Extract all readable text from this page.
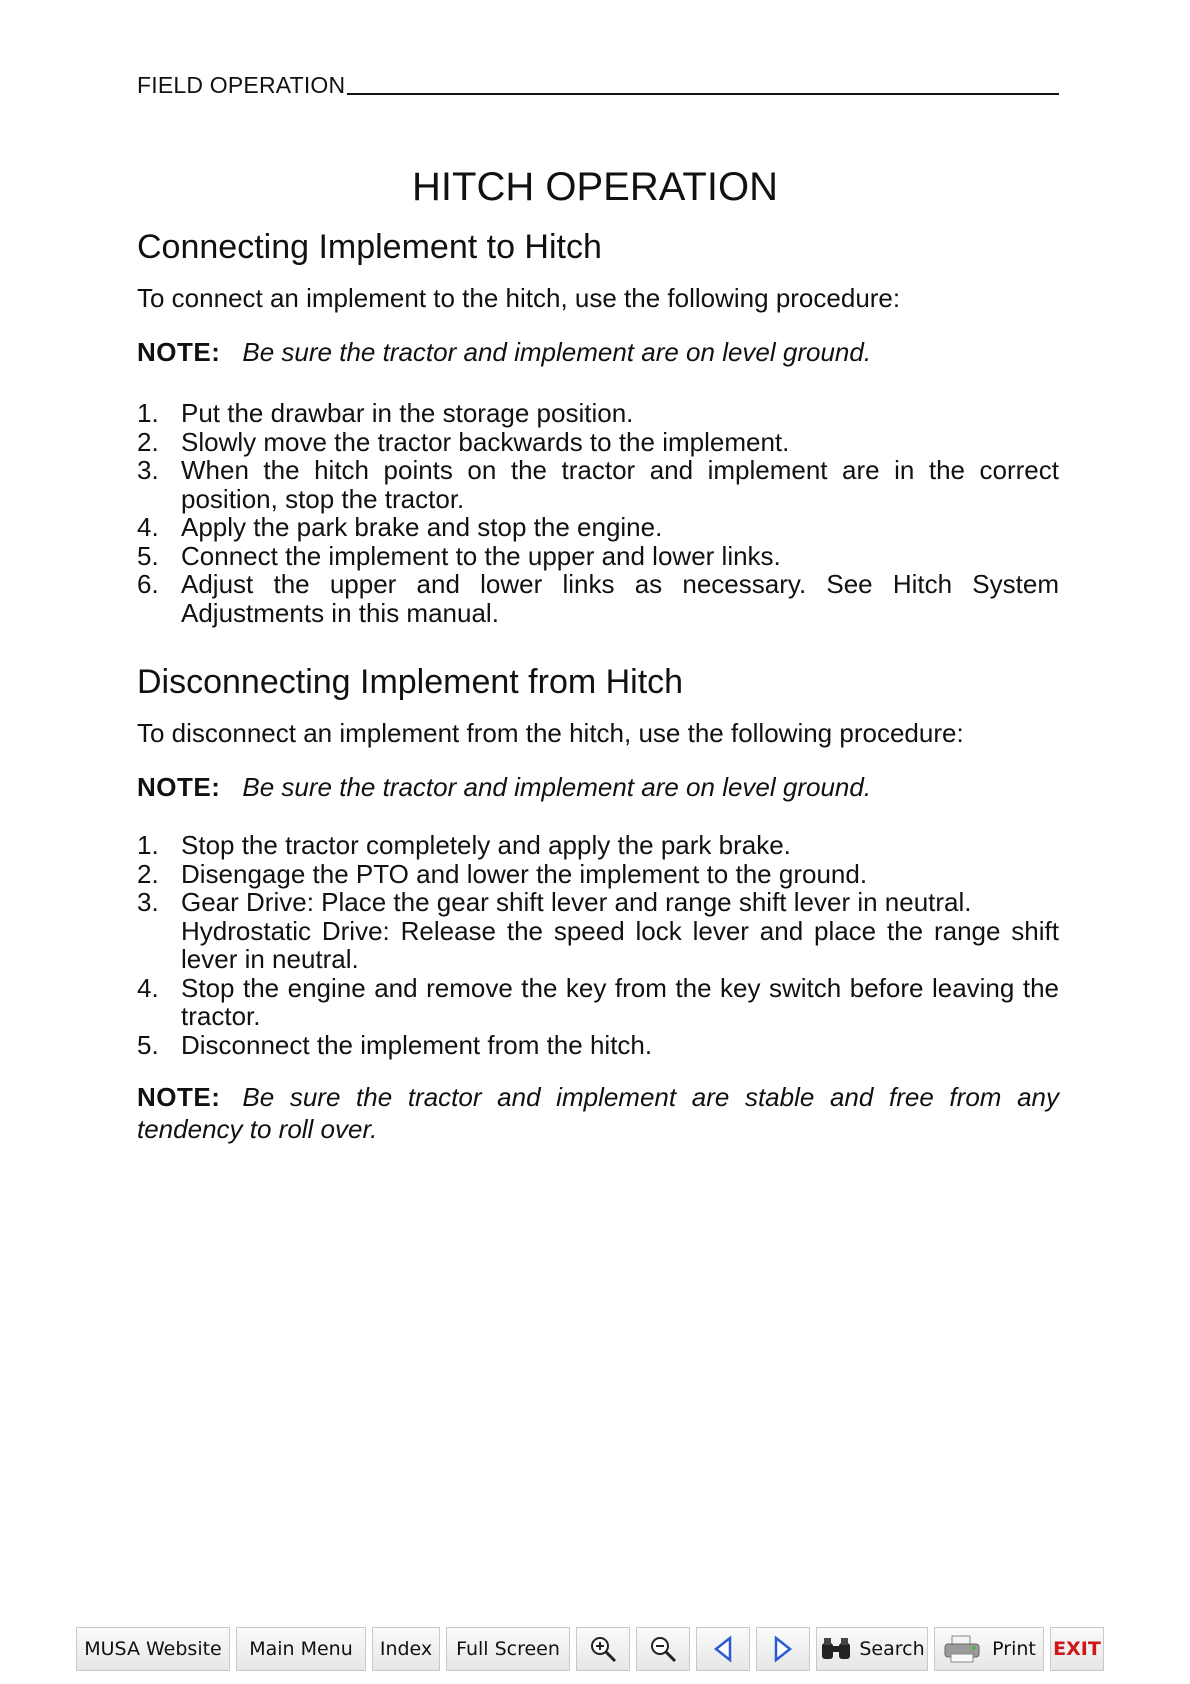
FIELD OPERATION
HITCH OPERATION
Connecting Implement to Hitch

To connect an implement to the hitch, use the following procedure:

NOTE: Be sure the tractor and implement are on level ground.

1. Put the drawbar in the storage position.
2. Slowly move the tractor backwards to the implement.
3. When the hitch points on the tractor and implement are in the correct position, stop the tractor.
4. Apply the park brake and stop the engine.
5. Connect the implement to the upper and lower links.
6. Adjust the upper and lower links as necessary. See Hitch System Adjustments in this manual.
Disconnecting Implement from Hitch

To disconnect an implement from the hitch, use the following procedure:

NOTE: Be sure the tractor and implement are on level ground.

1. Stop the tractor completely and apply the park brake.
2. Disengage the PTO and lower the implement to the ground.
3. Gear Drive: Place the gear shift lever and range shift lever in neutral.
Hydrostatic Drive: Release the speed lock lever and place the range shift lever in neutral.
4. Stop the engine and remove the key from the key switch before leaving the tractor.
5. Disconnect the implement from the hitch.

NOTE: Be sure the tractor and implement are stable and free from any tendency to roll over.

MUSA Website Main Menu Index Full Screen	Search	Print EXIT
